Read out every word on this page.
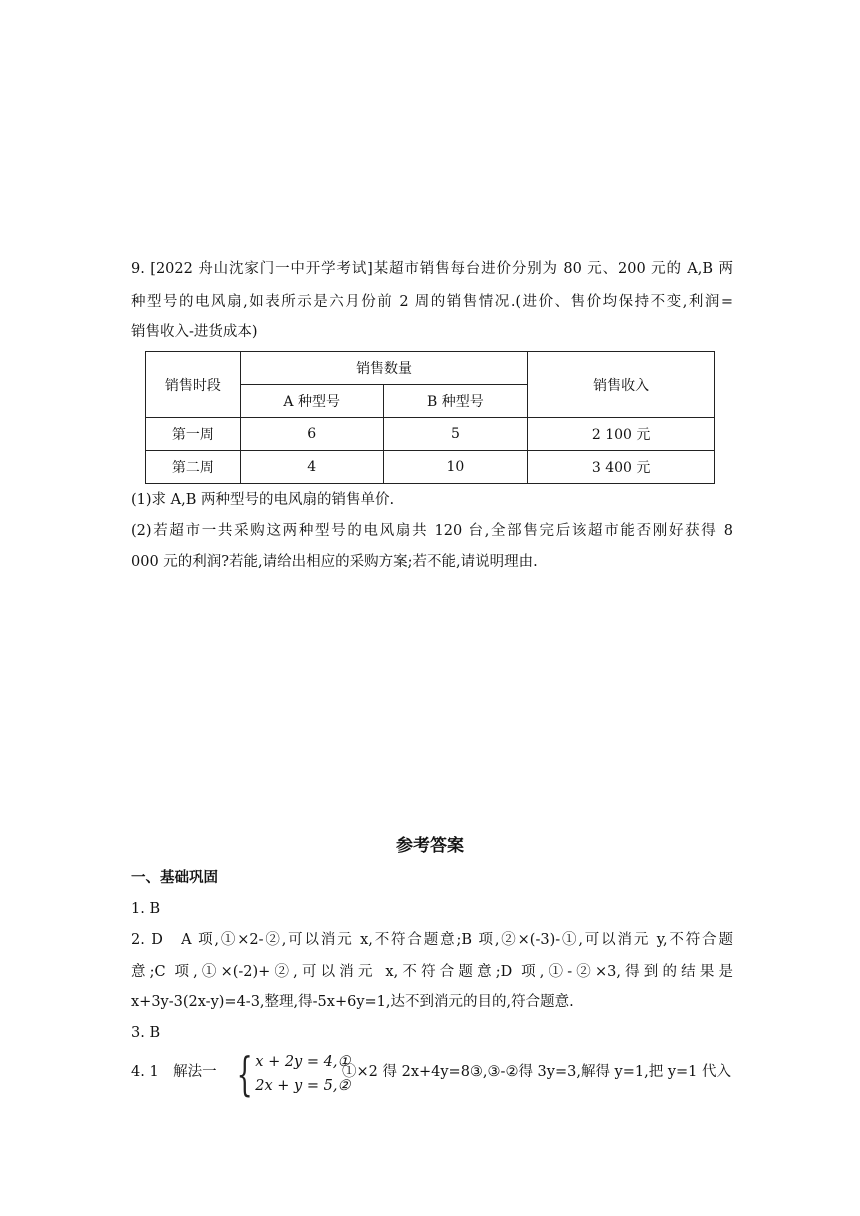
9. [2022 舟山沈家门一中开学考试]某超市销售每台进价分别为 80 元、200 元的 A,B 两
种型号的电风扇,如表所示是六月份前 2 周的销售情况.(进价、售价均保持不变,利润=
销售收入-进货成本)
销售时段	销售数量		销售收入
	A 种型号	B 种型号	
第一周	6	5	2 100 元
第二周	4	10	3 400 元
(1)求 A,B 两种型号的电风扇的销售单价.
(2)若超市一共采购这两种型号的电风扇共 120 台,全部售完后该超市能否刚好获得 8
000 元的利润?若能,请给出相应的采购方案;若不能,请说明理由.
参考答案
一、基础巩固
1. B
2. D　A 项,①×2-②,可以消元 x,不符合题意;B 项,②×(-3)-①,可以消元 y,不符合题
意;C 项,①×(-2)+②,可以消元 x,不符合题意;D 项,①-②×3,得到的结果是
x+3y-3(2x-y)=4-3,整理,得-5x+6y=1,达不到消元的目的,符合题意.
3. B
4. 1　解法一 { x + 2y = 4,①
2x + y = 5,②
①×2 得 2x+4y=8③,③-②得 3y=3,解得 y=1,把 y=1 代入
